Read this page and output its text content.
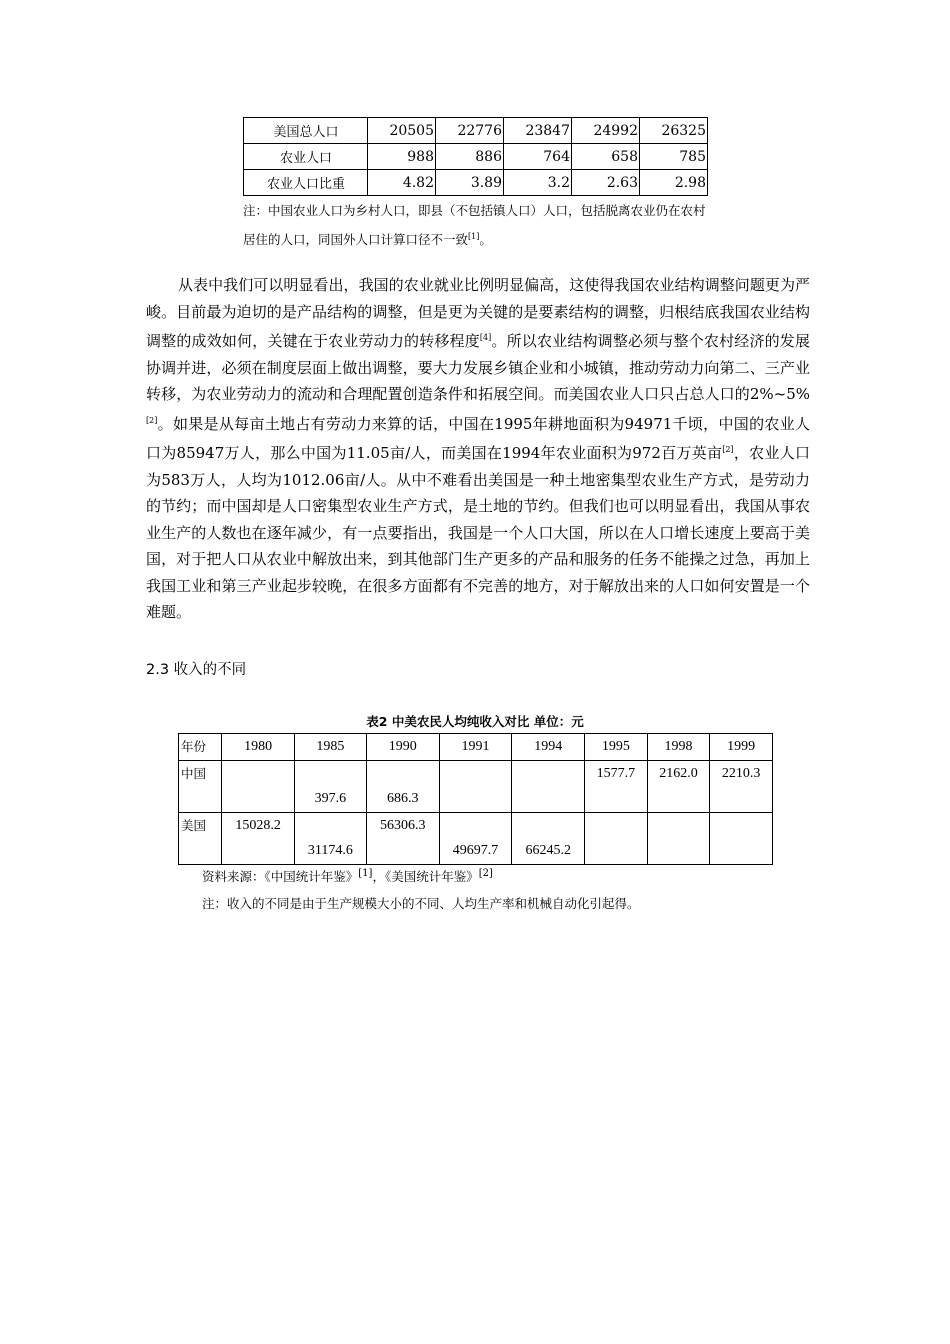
美国总人口	20505	22776	23847	24992	26325
农业人口	988	886	764	658	785
农业人口比重	4.82	3.89	3.2	2.63	2.98
注：中国农业人口为乡村人口，即县（不包括镇人口）人口，包括脱离农业仍在农村居住的人口，同国外人口计算口径不一致[1]。
从表中我们可以明显看出，我国的农业就业比例明显偏高，这使得我国农业结构调整问题更为严峻。目前最为迫切的是产品结构的调整，但是更为关键的是要素结构的调整，归根结底我国农业结构调整的成效如何，关键在于农业劳动力的转移程度[4]。所以农业结构调整必须与整个农村经济的发展协调并进，必须在制度层面上做出调整，要大力发展乡镇企业和小城镇，推动劳动力向第二、三产业转移，为农业劳动力的流动和合理配置创造条件和拓展空间。而美国农业人口只占总人口的2%~5%[2]。如果是从每亩土地占有劳动力来算的话，中国在1995年耕地面积为94971千顷，中国的农业人口为85947万人，那么中国为11.05亩/人，而美国在1994年农业面积为972百万英亩[2]，农业人口为583万人，人均为1012.06亩/人。从中不难看出美国是一种土地密集型农业生产方式，是劳动力的节约；而中国却是人口密集型农业生产方式，是土地的节约。但我们也可以明显看出，我国从事农业生产的人数也在逐年减少，有一点要指出，我国是一个人口大国，所以在人口增长速度上要高于美国，对于把人口从农业中解放出来，到其他部门生产更多的产品和服务的任务不能操之过急，再加上我国工业和第三产业起步较晚，在很多方面都有不完善的地方，对于解放出来的人口如何安置是一个难题。
2.3 收入的不同
表2 中美农民人均纯收入对比 单位：元
年份	1980	1985	1990	1991	1994	1995	1998	1999
中国		397.6	686.3			1577.7	2162.0	2210.3
美国	15028.2	31174.6	56306.3	49697.7	66245.2			
资料来源：《中国统计年鉴》[1]，《美国统计年鉴》[2]
注：收入的不同是由于生产规模大小的不同、人均生产率和机械自动化引起得。
